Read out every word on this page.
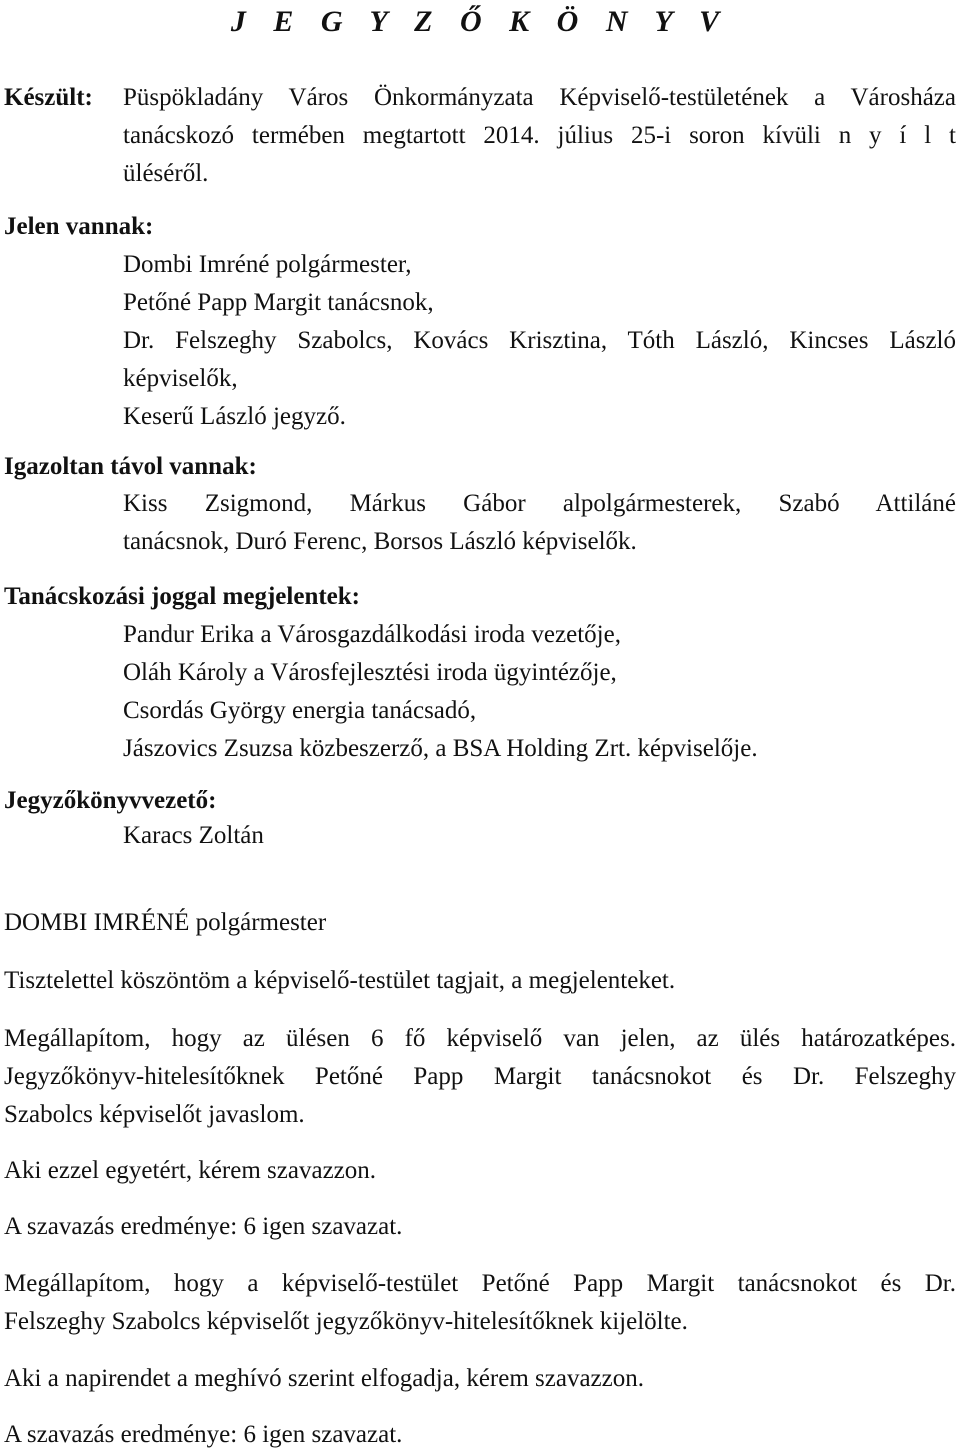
J E G Y Z Ő K Ö N Y V
Készült: Püspökladány Város Önkormányzata Képviselő-testületének a Városháza
tanácskozó termében megtartott 2014. július 25-i soron kívüli n y í l t
üléséről.
Jelen vannak:
Dombi Imréné polgármester,
Petőné Papp Margit tanácsnok,
Dr. Felszeghy Szabolcs, Kovács Krisztina, Tóth László, Kincses László
képviselők,
Keserű László jegyző.
Igazoltan távol vannak:
Kiss Zsigmond, Márkus Gábor alpolgármesterek, Szabó Attiláné
tanácsnok, Duró Ferenc, Borsos László képviselők.
Tanácskozási joggal megjelentek:
Pandur Erika a Városgazdálkodási iroda vezetője,
Oláh Károly a Városfejlesztési iroda ügyintézője,
Csordás György energia tanácsadó,
Jászovics Zsuzsa közbeszerző, a BSA Holding Zrt. képviselője.
Jegyzőkönyvvezető:
Karacs Zoltán
DOMBI IMRÉNÉ polgármester
Tisztelettel köszöntöm a képviselő-testület tagjait, a megjelenteket.
Megállapítom, hogy az ülésen 6 fő képviselő van jelen, az ülés határozatképes.
Jegyzőkönyv-hitelesítőknek Petőné Papp Margit tanácsnokot és Dr. Felszeghy
Szabolcs képviselőt javaslom.
Aki ezzel egyetért, kérem szavazzon.
A szavazás eredménye: 6 igen szavazat.
Megállapítom, hogy a képviselő-testület Petőné Papp Margit tanácsnokot és Dr.
Felszeghy Szabolcs képviselőt jegyzőkönyv-hitelesítőknek kijelölte.
Aki a napirendet a meghívó szerint elfogadja, kérem szavazzon.
A szavazás eredménye: 6 igen szavazat.
